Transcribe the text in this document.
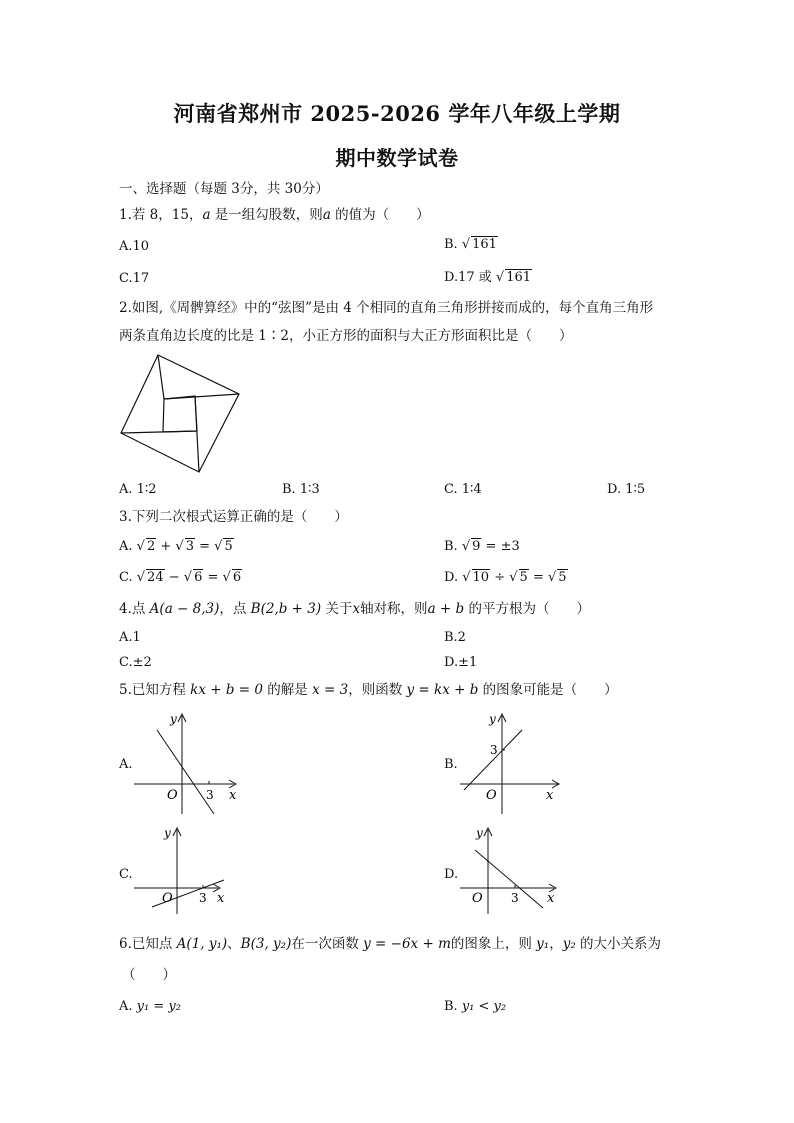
河南省郑州市 2025-2026 学年八年级上学期
期中数学试卷
一、选择题（每题 3分，共 30分）
1.若 8，15，a 是一组勾股数，则a 的值为（　　）
A.10	B. √ 161
C.17	D.17 或 √ 161
2.如图,《周髀算经》中的“弦图”是由 4 个相同的直角三角形拼接而成的，每个直角三角形
两条直角边长度的比是 1∶2，小正方形的面积与大正方形面积比是（　　）
A. 1∶2	B. 1∶3	C. 1∶4	D. 1∶5
3.下列二次根式运算正确的是（　　）
A. √ 2 + √ 3 = √ 5	B. √ 9 = ±3
C. √ 24 − √ 6 = √ 6	D. √ 10 ÷ √ 5 = √ 5
4.点 A(a − 8,3)，点 B(2,b + 3) 关于x轴对称，则a + b 的平方根为（　　）
A.1	B.2
C.±2	D.±1
5.已知方程 kx + b = 0 的解是 x = 3，则函数 y = kx + b 的图象可能是（　　）
A.
y
x
O 3
B.
y
x
O
3
C.
y
x
O 3
D.
y
x
O 3
6.已知点 A(1, y₁)、B(3, y₂)在一次函数 y = −6x + m的图象上，则 y₁，y₂ 的大小关系为
（　　）
A. y₁ = y₂	B. y₁ < y₂
